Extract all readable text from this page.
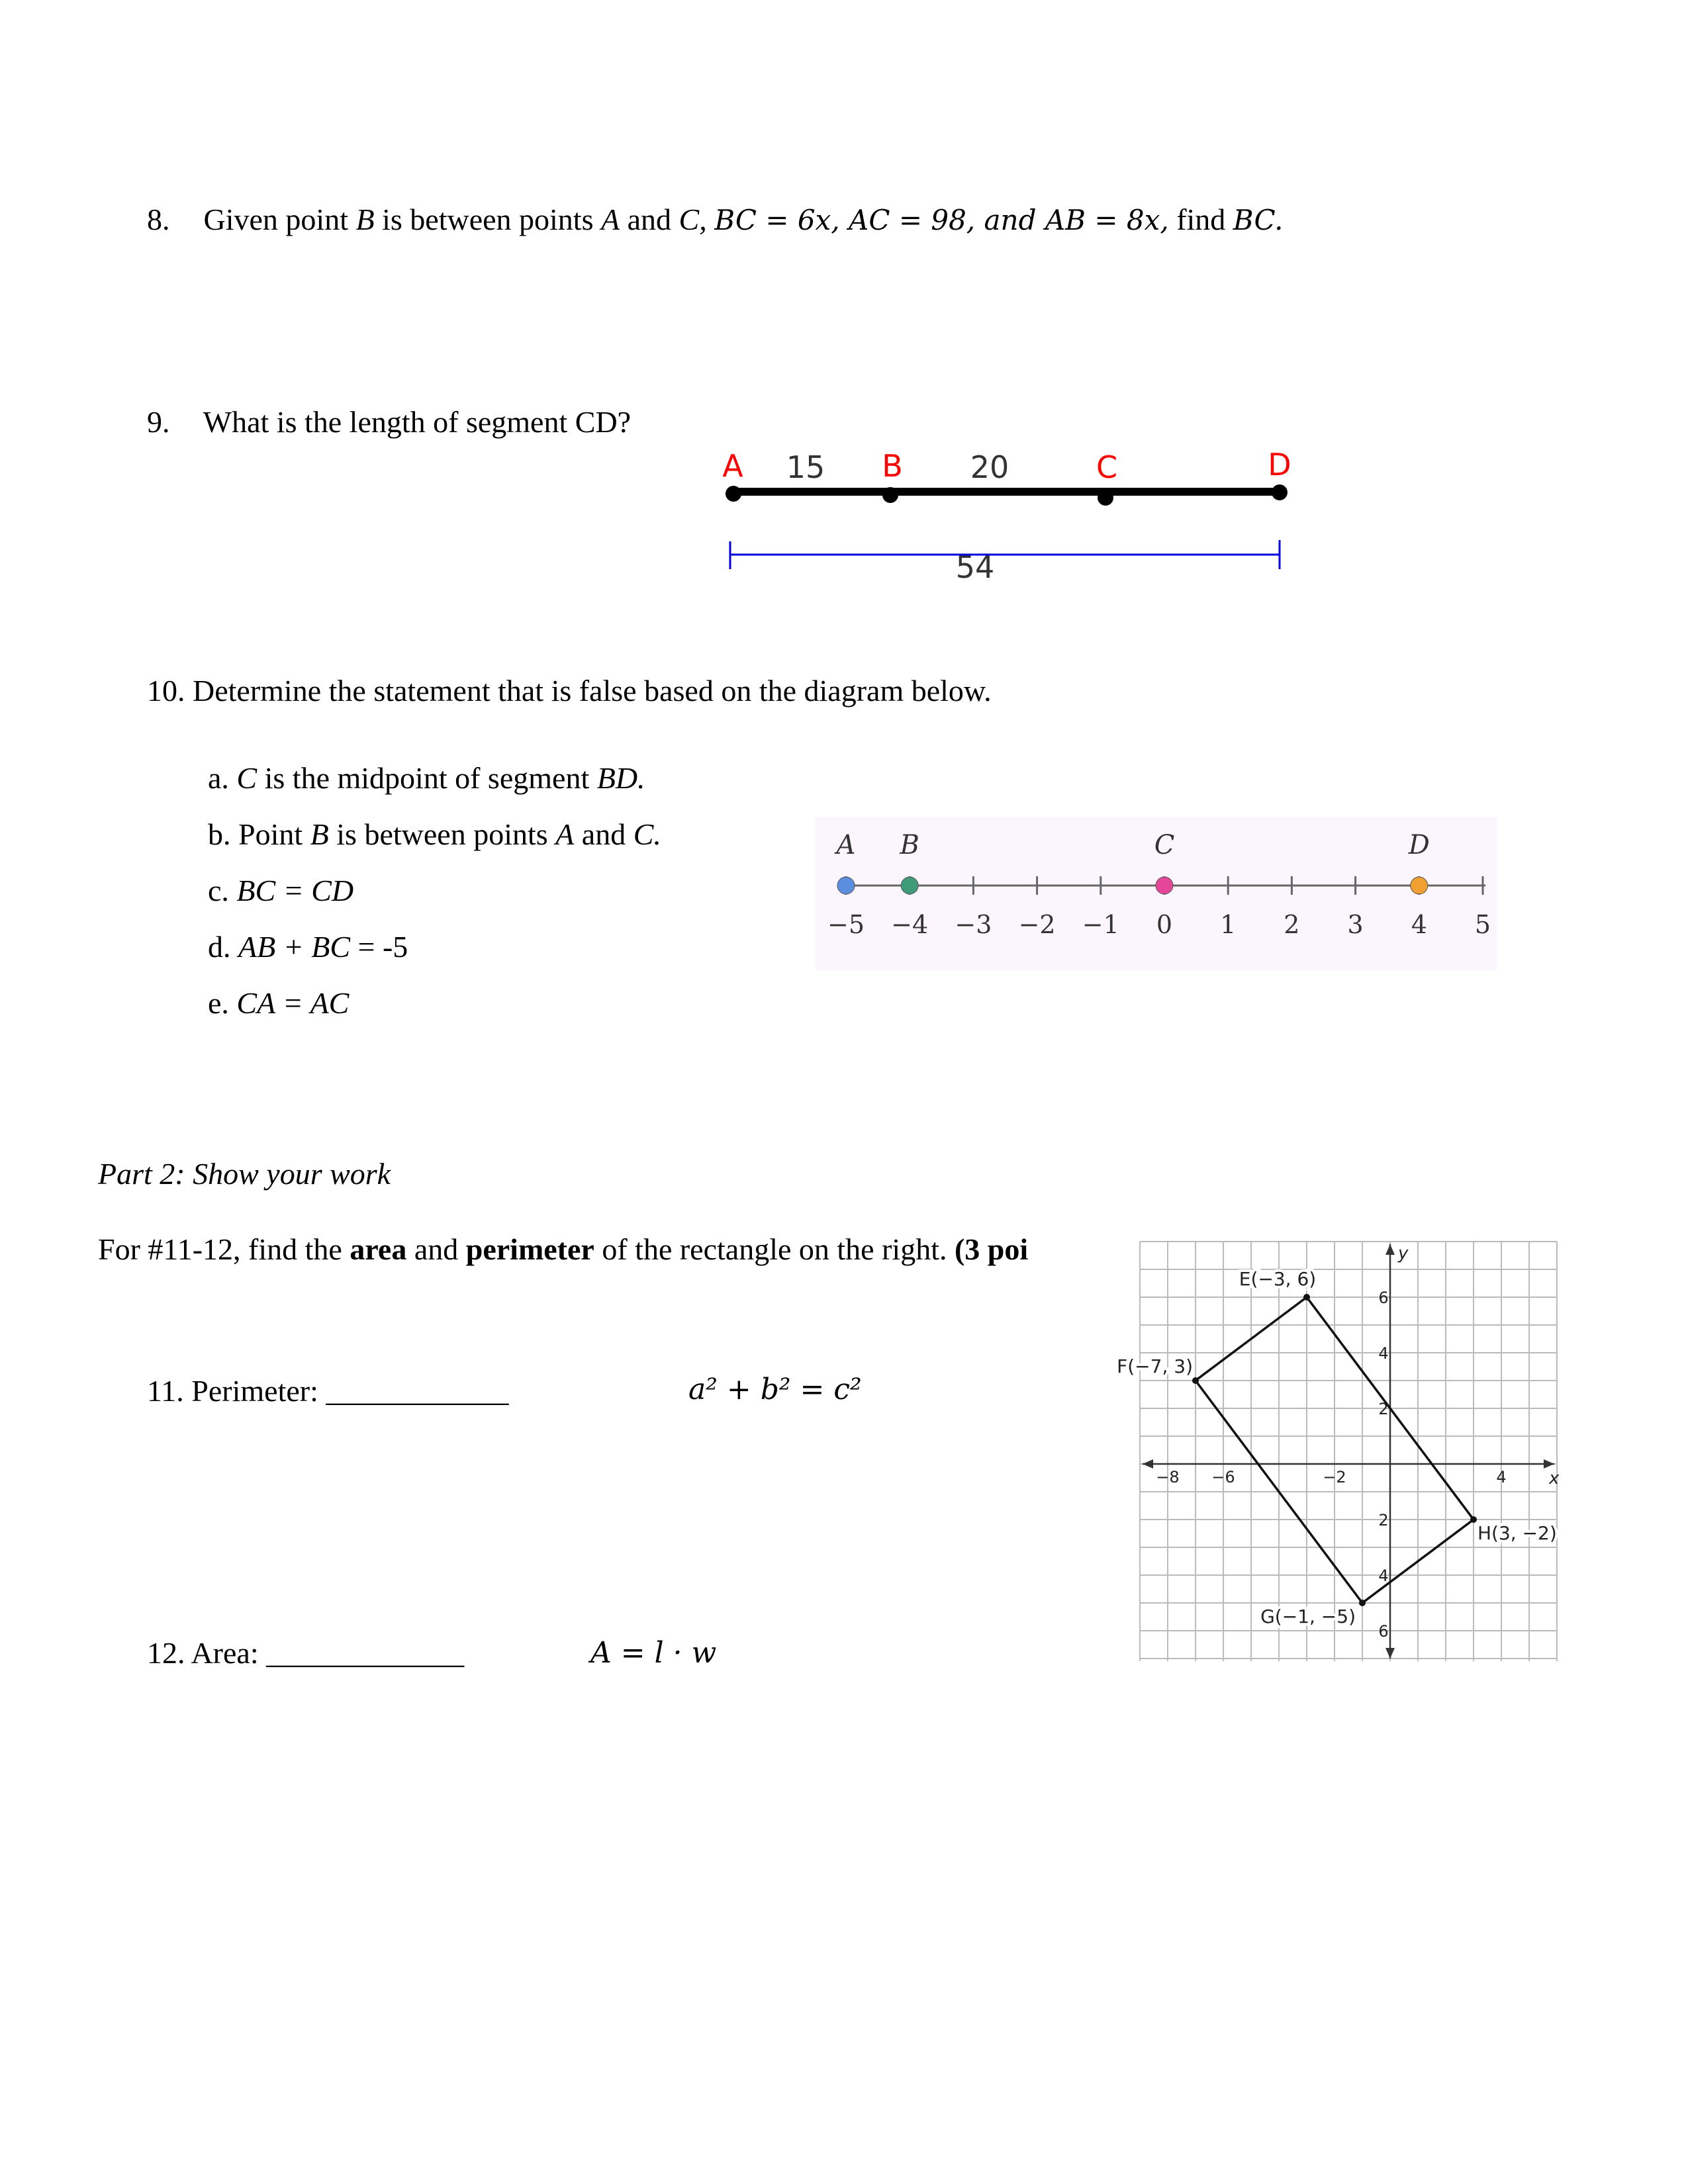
8. Given point B is between points A and C, BC = 6x, AC = 98, and AB = 8x, find BC.
9. What is the length of segment CD?
A	B	C	D
15	20
54
10. Determine the statement that is false based on the diagram below.
a. C is the midpoint of segment BD.
b. Point B is between points A and C.
c. BC = CD
d. AB + BC = -5
e. CA = AC
−5 −4 −3 −2 −1 0 1 2 3 4 5
A B	C	D
Part 2: Show your work
For #11-12, find the area and perimeter of the rectangle on the right. (3 poi
11. Perimeter: ____________	a² + b² = c²
12. Area: _____________	A = l · w
x
y
−8 −6	−2	4
6
4
2
2
4
6
E(−3, 6)
F(−7, 3)
G(−1, −5)
H(3, −2)
